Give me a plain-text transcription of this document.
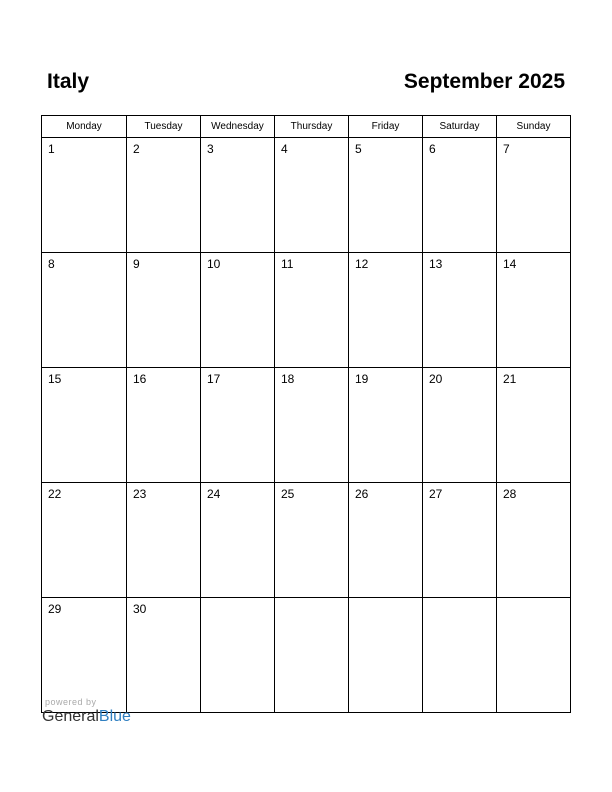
Italy	September 2025
Monday	Tuesday	Wednesday	Thursday	Friday	Saturday	Sunday
1	2	3	4	5	6	7
8	9	10	11	12	13	14
15	16	17	18	19	20	21
22	23	24	25	26	27	28
29	30					
powered by
GeneralBlue
